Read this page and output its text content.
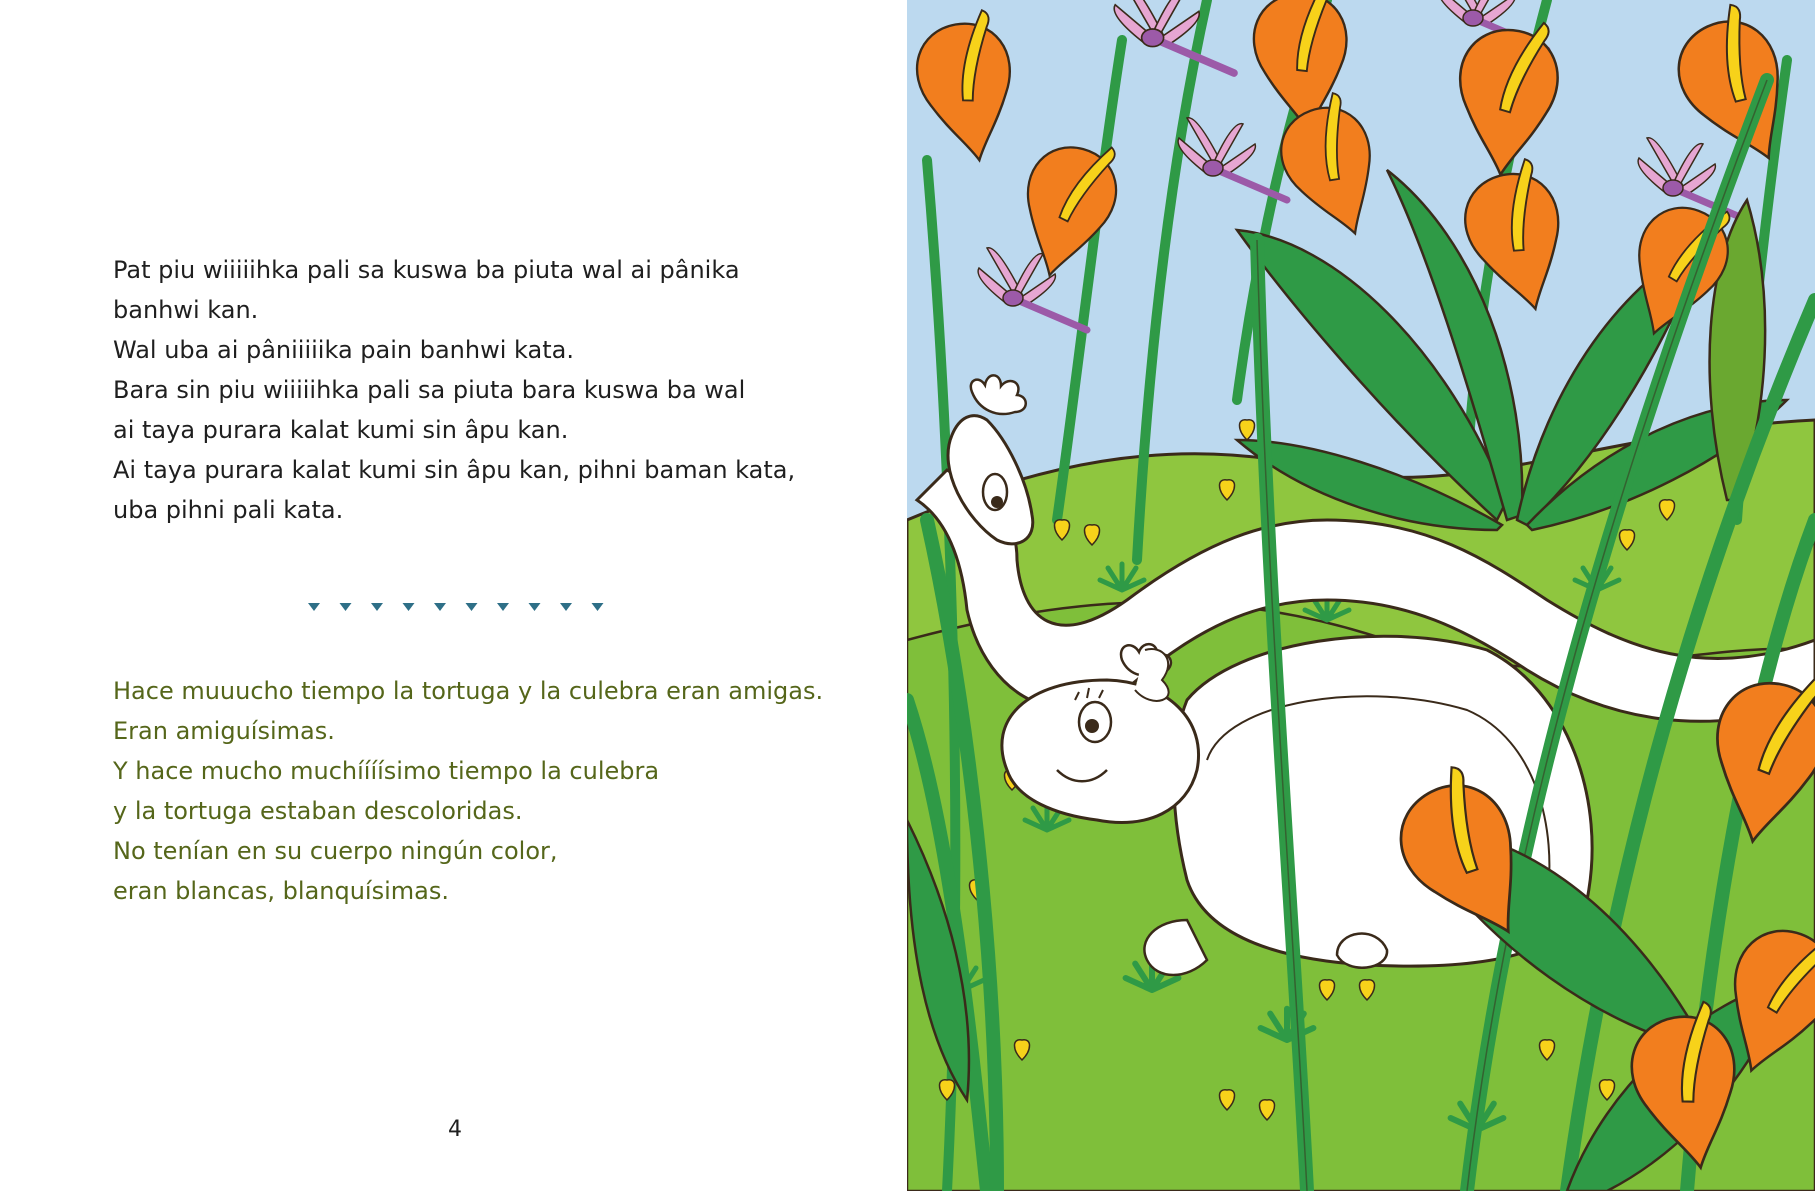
Pat piu wiiiiihka pali sa kuswa ba piuta wal ai pânika
banhwi kan.
Wal uba ai pâniiiiika pain banhwi kata.
Bara sin piu wiiiiihka pali sa piuta bara kuswa ba wal
ai taya purara kalat kumi sin âpu kan.
Ai taya purara kalat kumi sin âpu kan, pihni baman kata,
uba pihni pali kata.
Hace muuucho tiempo la tortuga y la culebra eran amigas.
Eran amiguísimas.
Y hace mucho muchíííísimo tiempo la culebra
y la tortuga estaban descoloridas.
No tenían en su cuerpo ningún color,
eran blancas, blanquísimas.
4
